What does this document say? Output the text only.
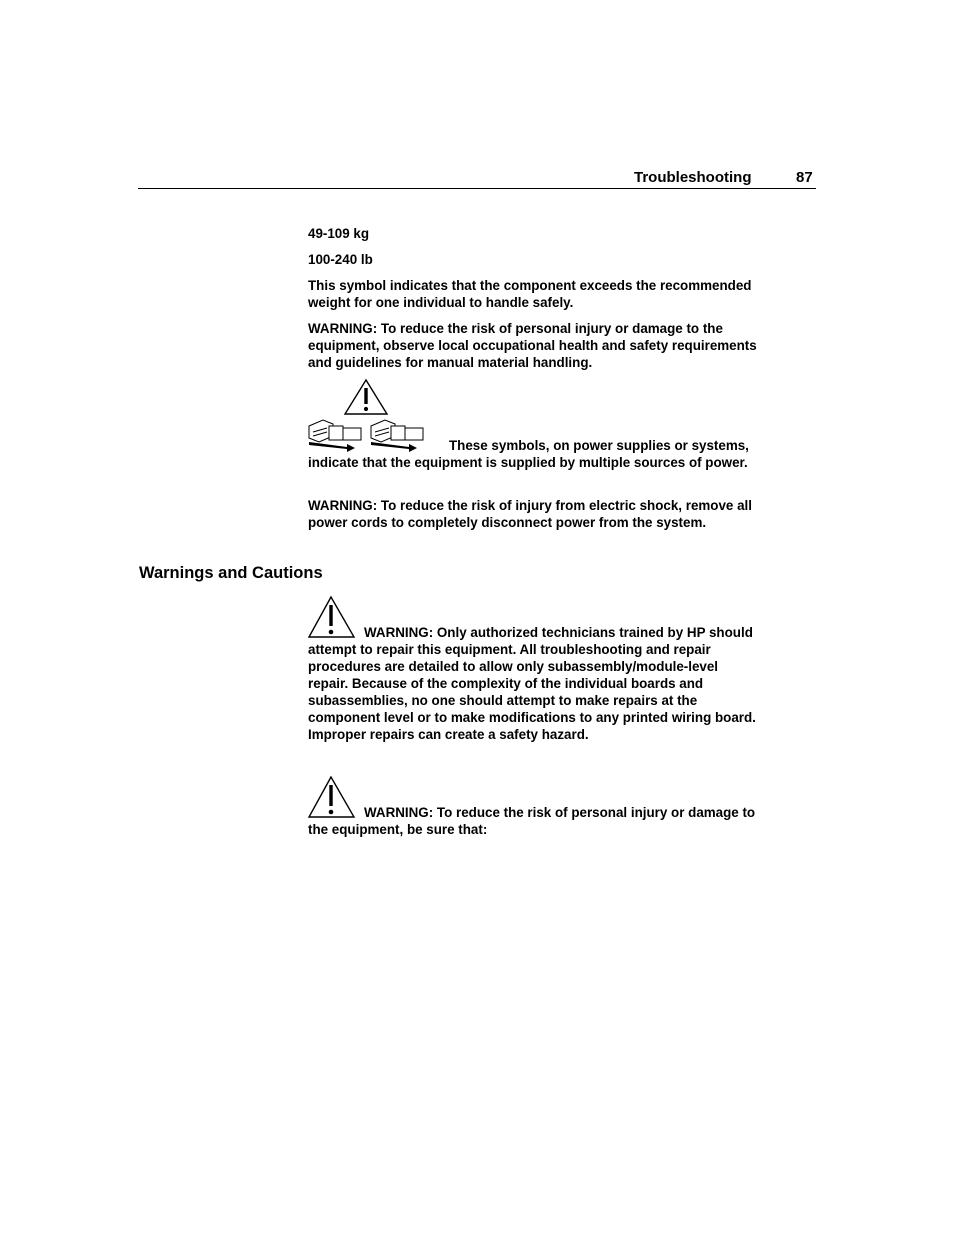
Troubleshooting	87
49-109 kg
100-240 lb
This symbol indicates that the component exceeds the recommended weight for one individual to handle safely.
WARNING: To reduce the risk of personal injury or damage to the equipment, observe local occupational health and safety requirements and guidelines for manual material handling.
These symbols, on power supplies or systems, indicate that the equipment is supplied by multiple sources of power.
WARNING: To reduce the risk of injury from electric shock, remove all power cords to completely disconnect power from the system.
Warnings and Cautions
WARNING: Only authorized technicians trained by HP should attempt to repair this equipment. All troubleshooting and repair procedures are detailed to allow only subassembly/module-level repair. Because of the complexity of the individual boards and subassemblies, no one should attempt to make repairs at the component level or to make modifications to any printed wiring board. Improper repairs can create a safety hazard.
WARNING: To reduce the risk of personal injury or damage to the equipment, be sure that:
